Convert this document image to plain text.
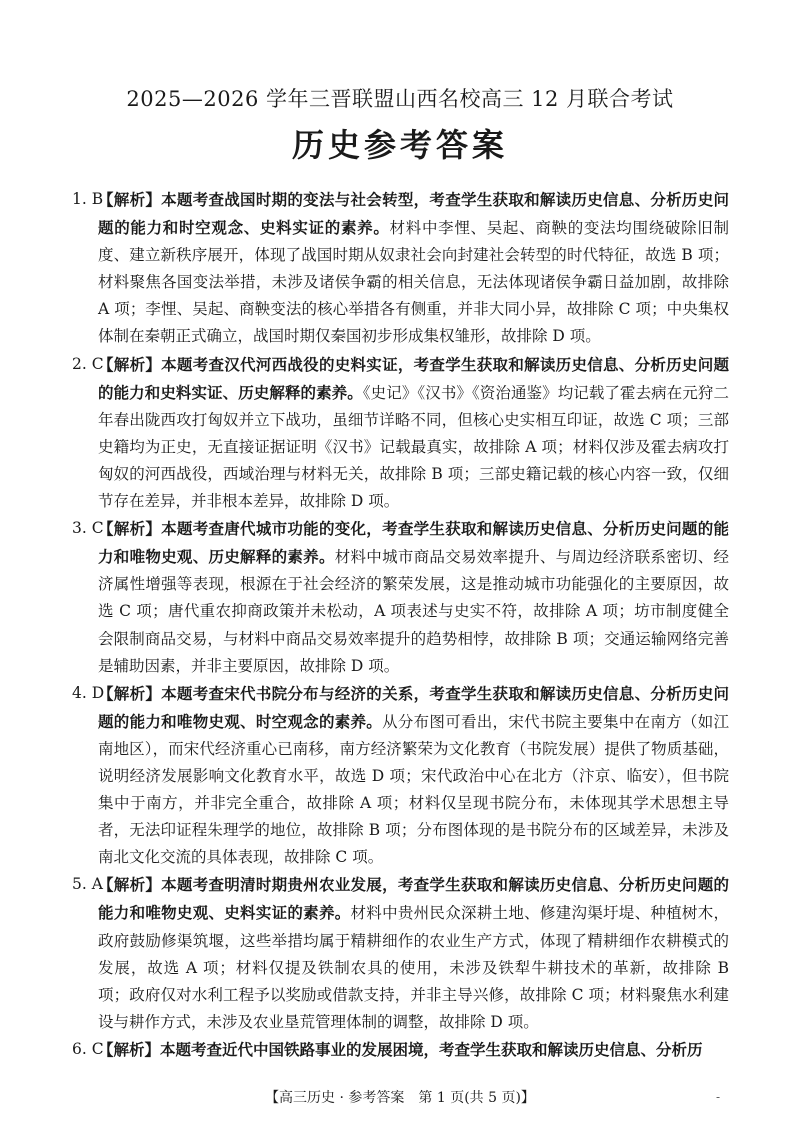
2025—2026 学年三晋联盟山西名校高三 12 月联合考试
历史参考答案
1. B
【解析】本题考查战国时期的变法与社会转型，考查学生获取和解读历史信息、分析历史问题的能力和时空观念、史料实证的素养。材料中李悝、吴起、商鞅的变法均围绕破除旧制度、建立新秩序展开，体现了战国时期从奴隶社会向封建社会转型的时代特征，故选 B 项；材料聚焦各国变法举措，未涉及诸侯争霸的相关信息，无法体现诸侯争霸日益加剧，故排除 A 项；李悝、吴起、商鞅变法的核心举措各有侧重，并非大同小异，故排除 C 项；中央集权体制在秦朝正式确立，战国时期仅秦国初步形成集权雏形，故排除 D 项。
2. C
【解析】本题考查汉代河西战役的史料实证，考查学生获取和解读历史信息、分析历史问题的能力和史料实证、历史解释的素养。《史记》《汉书》《资治通鉴》均记载了霍去病在元狩二年春出陇西攻打匈奴并立下战功，虽细节详略不同，但核心史实相互印证，故选 C 项；三部史籍均为正史，无直接证据证明《汉书》记载最真实，故排除 A 项；材料仅涉及霍去病攻打匈奴的河西战役，西域治理与材料无关，故排除 B 项；三部史籍记载的核心内容一致，仅细节存在差异，并非根本差异，故排除 D 项。
3. C
【解析】本题考查唐代城市功能的变化，考查学生获取和解读历史信息、分析历史问题的能力和唯物史观、历史解释的素养。材料中城市商品交易效率提升、与周边经济联系密切、经济属性增强等表现，根源在于社会经济的繁荣发展，这是推动城市功能强化的主要原因，故选 C 项；唐代重农抑商政策并未松动，A 项表述与史实不符，故排除 A 项；坊市制度健全会限制商品交易，与材料中商品交易效率提升的趋势相悖，故排除 B 项；交通运输网络完善是辅助因素，并非主要原因，故排除 D 项。
4. D
【解析】本题考查宋代书院分布与经济的关系，考查学生获取和解读历史信息、分析历史问题的能力和唯物史观、时空观念的素养。从分布图可看出，宋代书院主要集中在南方（如江南地区），而宋代经济重心已南移，南方经济繁荣为文化教育（书院发展）提供了物质基础，说明经济发展影响文化教育水平，故选 D 项；宋代政治中心在北方（汴京、临安），但书院集中于南方，并非完全重合，故排除 A 项；材料仅呈现书院分布，未体现其学术思想主导者，无法印证程朱理学的地位，故排除 B 项；分布图体现的是书院分布的区域差异，未涉及南北文化交流的具体表现，故排除 C 项。
5. A
【解析】本题考查明清时期贵州农业发展，考查学生获取和解读历史信息、分析历史问题的能力和唯物史观、史料实证的素养。材料中贵州民众深耕土地、修建沟渠圩堤、种植树木，政府鼓励修渠筑堰，这些举措均属于精耕细作的农业生产方式，体现了精耕细作农耕模式的发展，故选 A 项；材料仅提及铁制农具的使用，未涉及铁犁牛耕技术的革新，故排除 B 项；政府仅对水利工程予以奖励或借款支持，并非主导兴修，故排除 C 项；材料聚焦水利建设与耕作方式，未涉及农业垦荒管理体制的调整，故排除 D 项。
6. C
【解析】本题考查近代中国铁路事业的发展困境，考查学生获取和解读历史信息、分析历
【高三历史 · 参考答案　第 1 页(共 5 页)】	-
